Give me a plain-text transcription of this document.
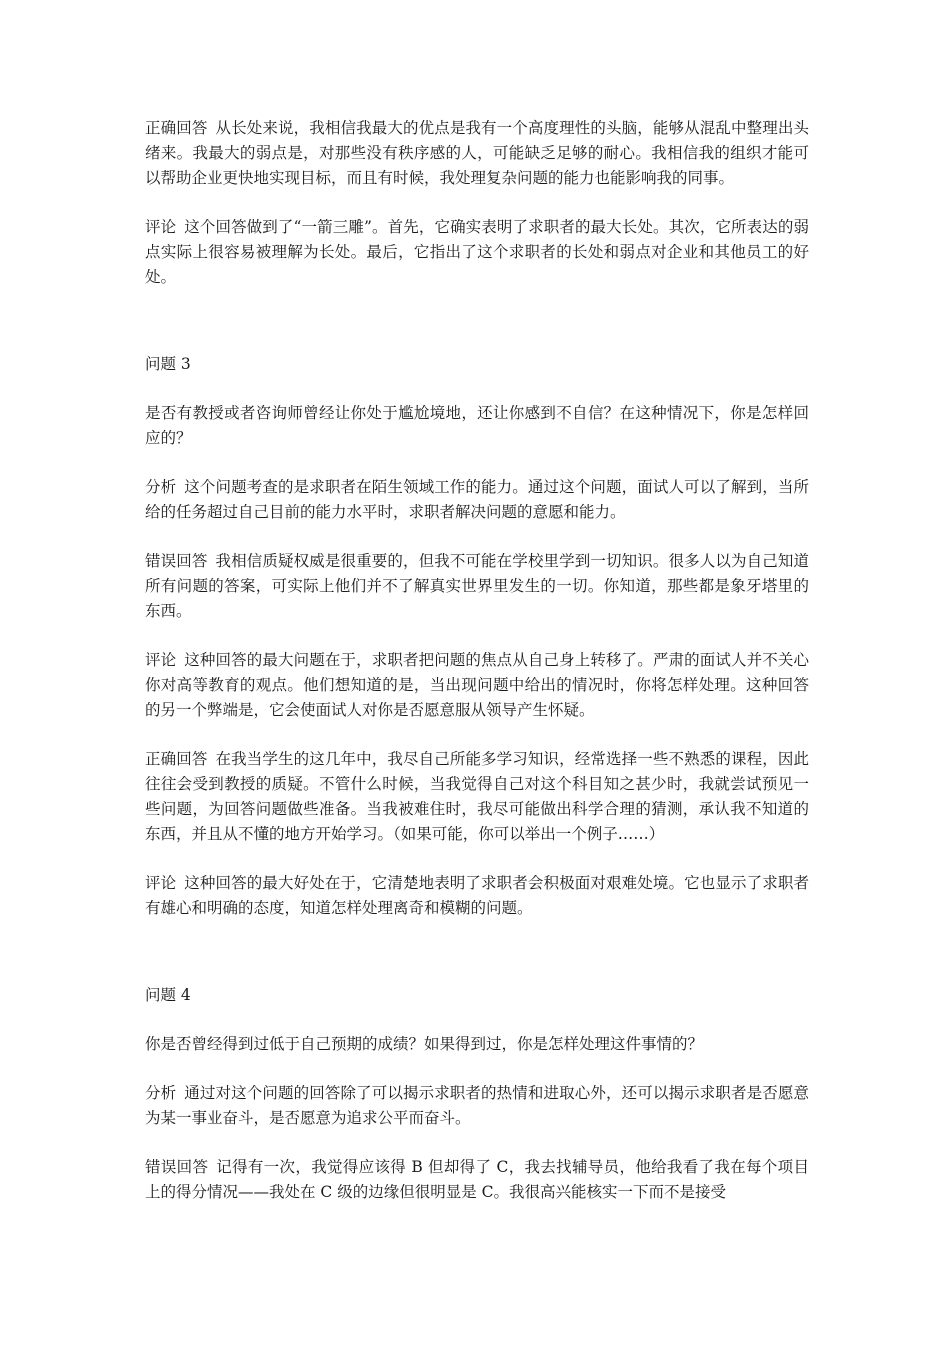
正确回答 从长处来说，我相信我最大的优点是我有一个高度理性的头脑，能够从混乱中整理出头绪来。我最大的弱点是，对那些没有秩序感的人，可能缺乏足够的耐心。我相信我的组织才能可以帮助企业更快地实现目标，而且有时候，我处理复杂问题的能力也能影响我的同事。

评论 这个回答做到了“一箭三雕”。首先，它确实表明了求职者的最大长处。其次，它所表达的弱点实际上很容易被理解为长处。最后，它指出了这个求职者的长处和弱点对企业和其他员工的好处。

问题 3

是否有教授或者咨询师曾经让你处于尴尬境地，还让你感到不自信？在这种情况下，你是怎样回应的？

分析 这个问题考查的是求职者在陌生领域工作的能力。通过这个问题，面试人可以了解到，当所给的任务超过自己目前的能力水平时，求职者解决问题的意愿和能力。

错误回答 我相信质疑权威是很重要的，但我不可能在学校里学到一切知识。很多人以为自己知道所有问题的答案，可实际上他们并不了解真实世界里发生的一切。你知道，那些都是象牙塔里的东西。

评论 这种回答的最大问题在于，求职者把问题的焦点从自己身上转移了。严肃的面试人并不关心你对高等教育的观点。他们想知道的是，当出现问题中给出的情况时，你将怎样处理。这种回答的另一个弊端是，它会使面试人对你是否愿意服从领导产生怀疑。

正确回答 在我当学生的这几年中，我尽自己所能多学习知识，经常选择一些不熟悉的课程，因此往往会受到教授的质疑。不管什么时候，当我觉得自己对这个科目知之甚少时，我就尝试预见一些问题，为回答问题做些准备。当我被难住时，我尽可能做出科学合理的猜测，承认我不知道的东西，并且从不懂的地方开始学习。（如果可能，你可以举出一个例子……）

评论 这种回答的最大好处在于，它清楚地表明了求职者会积极面对艰难处境。它也显示了求职者有雄心和明确的态度，知道怎样处理离奇和模糊的问题。

问题 4

你是否曾经得到过低于自己预期的成绩？如果得到过，你是怎样处理这件事情的？

分析 通过对这个问题的回答除了可以揭示求职者的热情和进取心外，还可以揭示求职者是否愿意为某一事业奋斗，是否愿意为追求公平而奋斗。

错误回答 记得有一次，我觉得应该得 B 但却得了 C，我去找辅导员，他给我看了我在每个项目上的得分情况——我处在 C 级的边缘但很明显是 C。我很高兴能核实一下而不是接受
